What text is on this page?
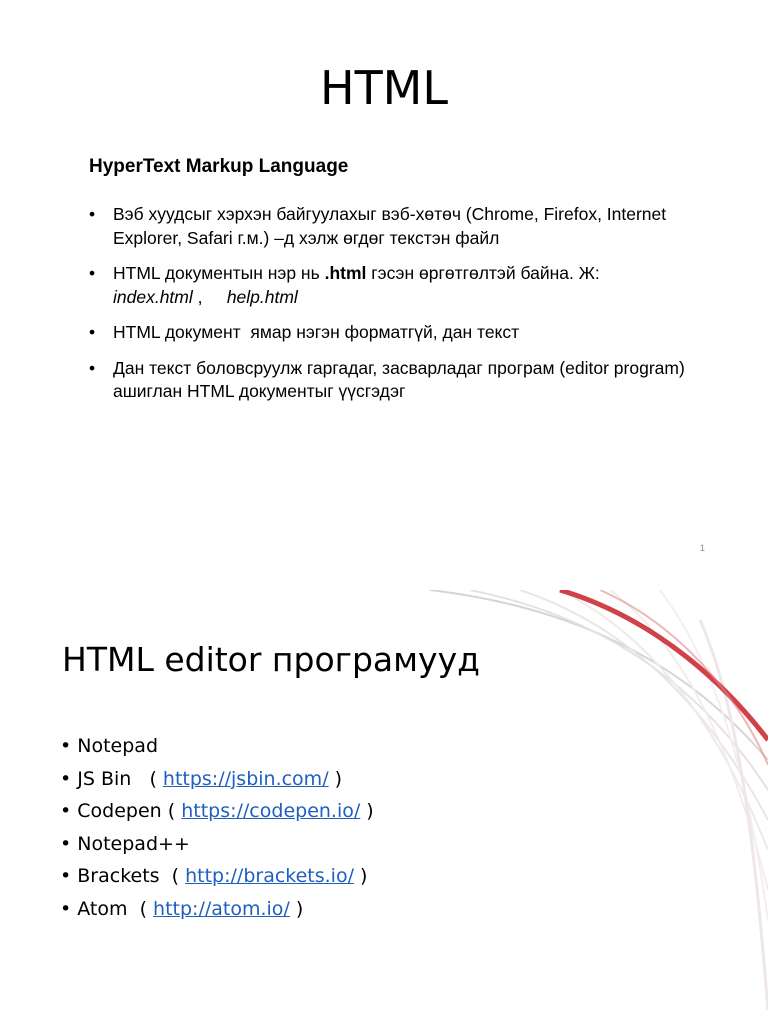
HTML
HyperText Markup Language
• Вэб хуудсыг хэрхэн байгуулахыг вэб-хөтөч (Chrome, Firefox, Internet Explorer, Safari г.м.) –д хэлж өгдөг текстэн файл
• HTML документын нэр нь .html гэсэн өргөтгөлтэй байна. Ж:
index.html ,     help.html
• HTML документ  ямар нэгэн форматгүй, дан текст
• Дан текст боловсруулж гаргадаг, засварладаг програм (editor program) ашиглан HTML документыг үүсгэдэг
1
HTML editor програмууд
• Notepad
• JS Bin   ( https://jsbin.com/ )
• Codepen ( https://codepen.io/ )
• Notepad++
• Brackets  ( http://brackets.io/ )
• Atom  ( http://atom.io/ )
